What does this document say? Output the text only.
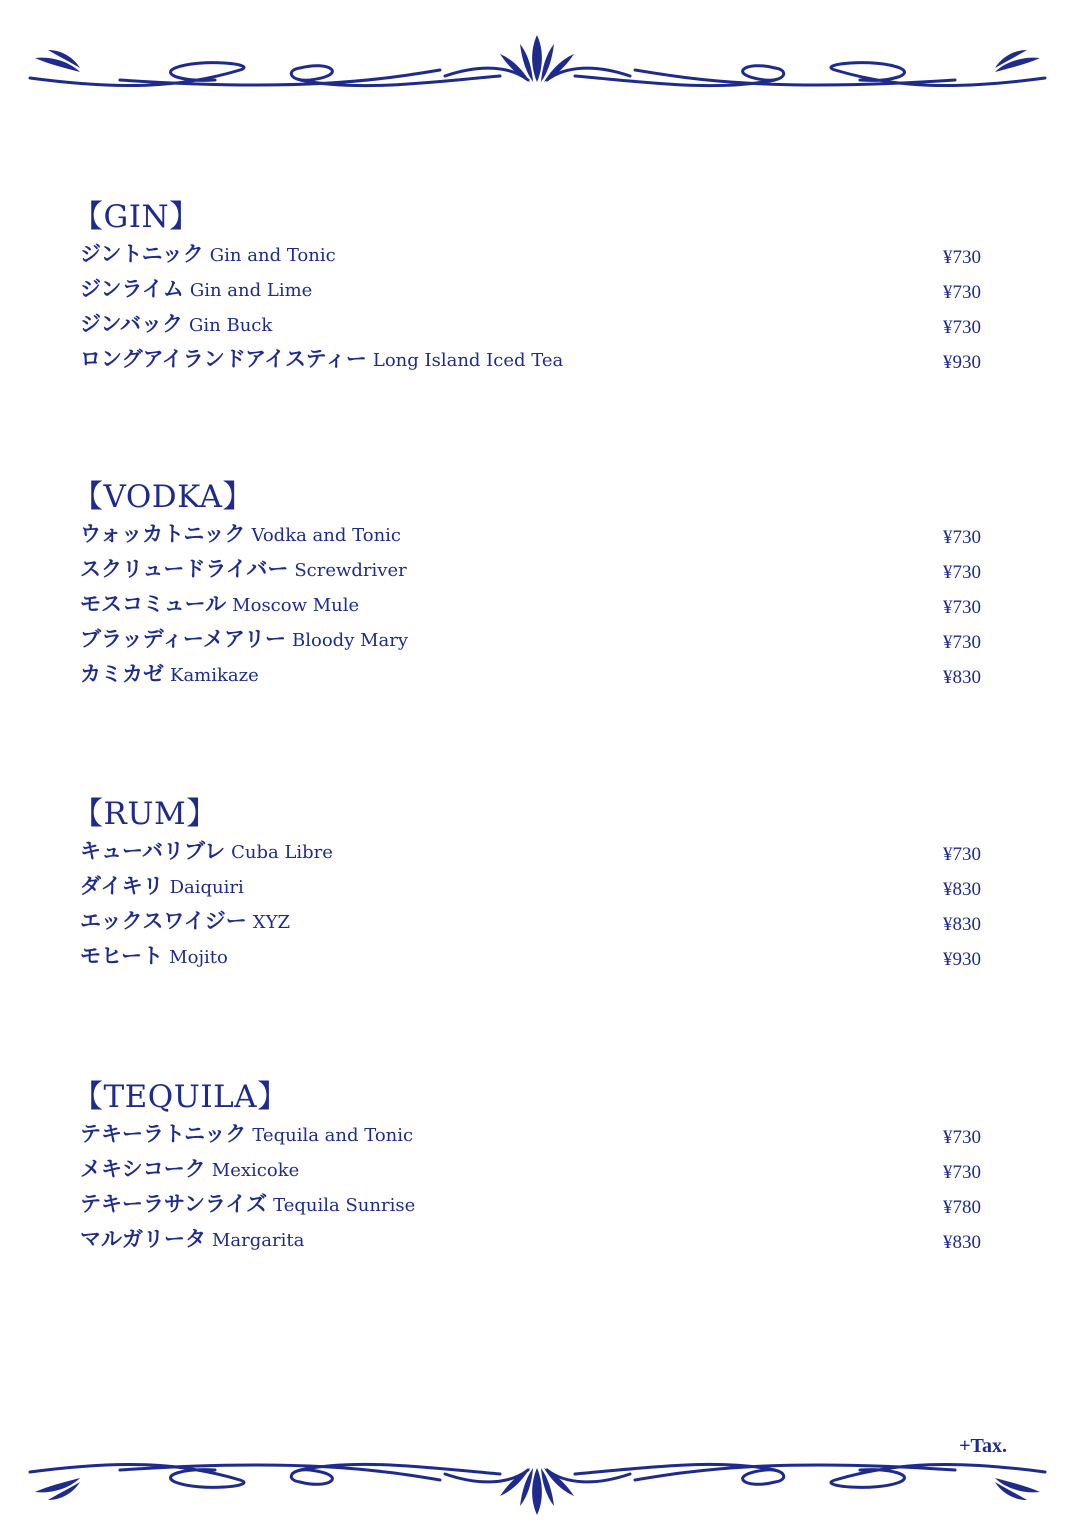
【GIN】
ジントニック Gin and Tonic	¥730
ジンライム Gin and Lime	¥730
ジンバック Gin Buck	¥730
ロングアイランドアイスティー Long Island Iced Tea	¥930
【VODKA】
ウォッカトニック Vodka and Tonic	¥730
スクリュードライバー Screwdriver	¥730
モスコミュール Moscow Mule	¥730
ブラッディーメアリー Bloody Mary	¥730
カミカゼ Kamikaze	¥830
【RUM】
キューバリブレ Cuba Libre	¥730
ダイキリ Daiquiri	¥830
エックスワイジー XYZ	¥830
モヒート Mojito	¥930
【TEQUILA】
テキーラトニック Tequila and Tonic	¥730
メキシコーク Mexicoke	¥730
テキーラサンライズ Tequila Sunrise	¥780
マルガリータ Margarita	¥830
+Tax.
